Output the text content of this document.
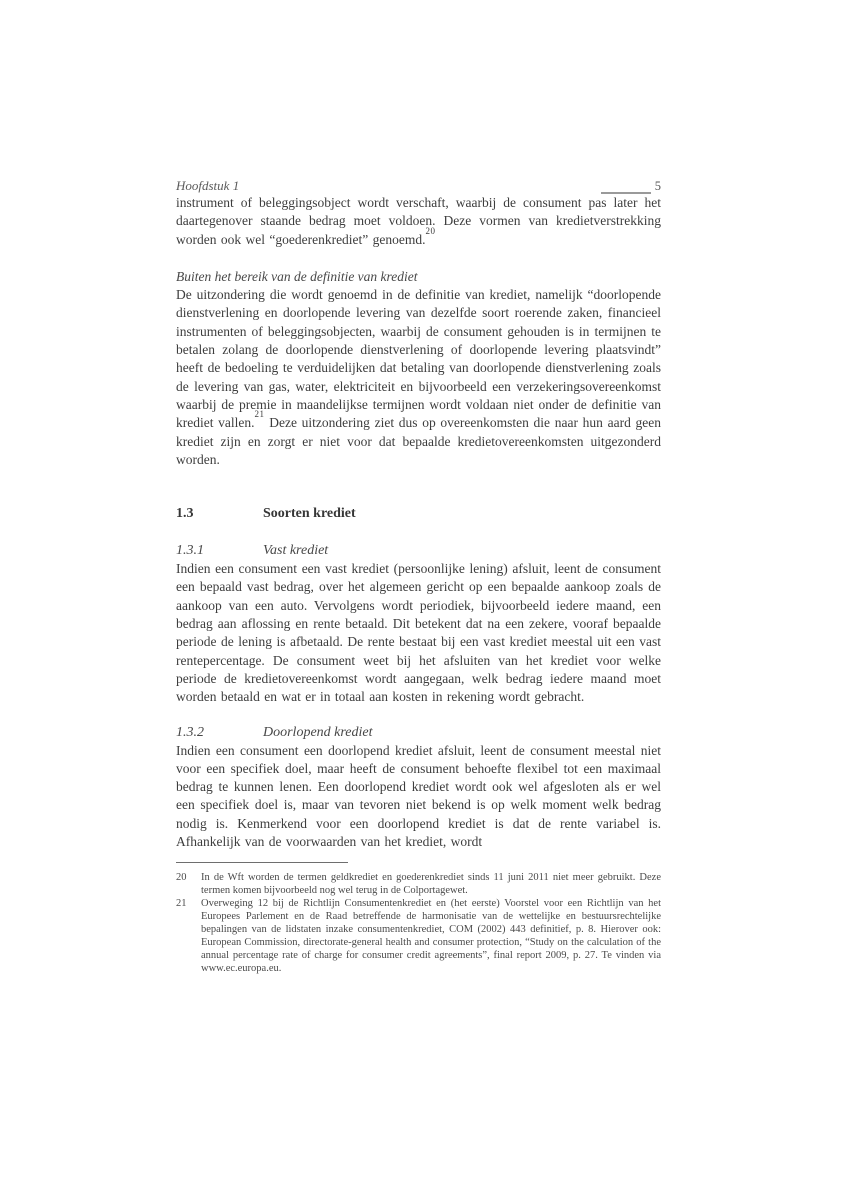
Hoofdstuk 1	5

instrument of beleggingsobject wordt verschaft, waarbij de consument pas later het daartegenover staande bedrag moet voldoen. Deze vormen van kredietverstrekking worden ook wel “goederenkrediet” genoemd.$^{20}$

Buiten het bereik van de definitie van krediet

De uitzondering die wordt genoemd in de definitie van krediet, namelijk “doorlopende dienstverlening en doorlopende levering van dezelfde soort roerende zaken, financieel instrumenten of beleggingsobjecten, waarbij de consument gehouden is in termijnen te betalen zolang de doorlopende dienstverlening of doorlopende levering plaatsvindt” heeft de bedoeling te verduidelijken dat betaling van doorlopende dienstverlening zoals de levering van gas, water, elektriciteit en bijvoorbeeld een verzekeringsovereenkomst waarbij de premie in maandelijkse termijnen wordt voldaan niet onder de definitie van krediet vallen.$^{21}$ Deze uitzondering ziet dus op overeenkomsten die naar hun aard geen krediet zijn en zorgt er niet voor dat bepaalde kredietovereenkomsten uitgezonderd worden.

1.3	Soorten krediet
1.3.1	Vast krediet

Indien een consument een vast krediet (persoonlijke lening) afsluit, leent de consument een bepaald vast bedrag, over het algemeen gericht op een bepaalde aankoop zoals de aankoop van een auto. Vervolgens wordt periodiek, bijvoorbeeld iedere maand, een bedrag aan aflossing en rente betaald. Dit betekent dat na een zekere, vooraf bepaalde periode de lening is afbetaald. De rente bestaat bij een vast krediet meestal uit een vast rentepercentage. De consument weet bij het afsluiten van het krediet voor welke periode de kredietovereenkomst wordt aangegaan, welk bedrag iedere maand moet worden betaald en wat er in totaal aan kosten in rekening wordt gebracht.

1.3.2	Doorlopend krediet

Indien een consument een doorlopend krediet afsluit, leent de consument meestal niet voor een specifiek doel, maar heeft de consument behoefte flexibel tot een maximaal bedrag te kunnen lenen. Een doorlopend krediet wordt ook wel afgesloten als er wel een specifiek doel is, maar van tevoren niet bekend is op welk moment welk bedrag nodig is. Kenmerkend voor een doorlopend krediet is dat de rente variabel is. Afhankelijk van de voorwaarden van het krediet, wordt

20 In de Wft worden de termen geldkrediet en goederenkrediet sinds 11 juni 2011 niet meer gebruikt. Deze termen komen bijvoorbeeld nog wel terug in de Colportagewet.
21 Overweging 12 bij de Richtlijn Consumentenkrediet en (het eerste) Voorstel voor een Richtlijn van het Europees Parlement en de Raad betreffende de harmonisatie van de wettelijke en bestuursrechtelijke bepalingen van de lidstaten inzake consumentenkrediet, COM (2002) 443 definitief, p. 8. Hierover ook: European Commission, directorate-general health and consumer protection, “Study on the calculation of the annual percentage rate of charge for consumer credit agreements”, final report 2009, p. 27. Te vinden via www.ec.europa.eu.
